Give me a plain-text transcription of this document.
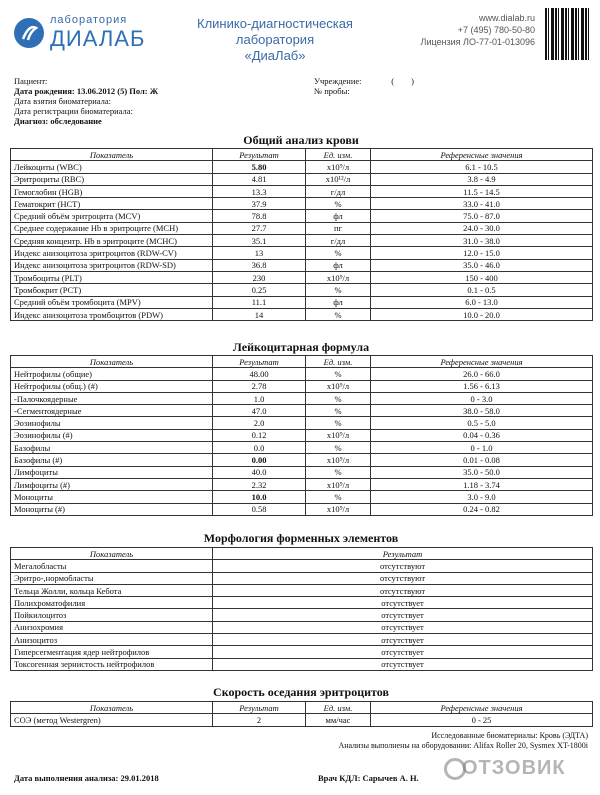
лаборатория
ДИАЛАБ
Клинико-диагностическая лаборатория
«ДиаЛаб»
www.dialab.ru
+7 (495) 780-50-80
Лицензия ЛО-77-01-013096
Пациент:
Дата рождения: 13.06.2012 (5) Пол: Ж
Дата взятия биоматериала:
Дата регистрации биоматериала:
Диагноз: обследование
Учреждение:              (        )
№ пробы:
Общий анализ крови
Показатель	Результат	Ед. изм.	Референсные значения
Лейкоциты (WBC)	5.80	x10⁹/л	6.1 - 10.5
Эритроциты (RBC)	4.81	x10¹²/л	3.8 - 4.9
Гемоглобин (HGB)	13.3	г/дл	11.5 - 14.5
Гематокрит (HCT)	37.9	%	33.0 - 41.0
Средний объём эритроцита (MCV)	78.8	фл	75.0 - 87.0
Среднее содержание Hb в эритроците (MCH)	27.7	пг	24.0 - 30.0
Средняя концентр. Hb в эритроците (MCHC)	35.1	г/дл	31.0 - 38.0
Индекс анизоцитоза эритроцитов (RDW-CV)	13	%	12.0 - 15.0
Индекс анизоцитоза эритроцитов (RDW-SD)	36.8	фл	35.0 - 46.0
Тромбоциты (PLT)	230	x10⁹/л	150 - 400
Тромбокрит (PCT)	0.25	%	0.1 - 0.5
Средний объём тромбоцита (MPV)	11.1	фл	6.0 - 13.0
Индекс анизоцитоза тромбоцитов (PDW)	14	%	10.0 - 20.0
Лейкоцитарная формула
Показатель	Результат	Ед. изм.	Референсные значения
Нейтрофилы (общие)	48.00	%	26.0 - 66.0
Нейтрофилы (общ.) (#)	2.78	x10⁹/л	1.56 - 6.13
-Палочкоядерные	1.0	%	0 - 3.0
-Сегментоядерные	47.0	%	38.0 - 58.0
Эозинофилы	2.0	%	0.5 - 5.0
Эозинофилы (#)	0.12	x10⁹/л	0.04 - 0.36
Базофилы	0.0	%	0 - 1.0
Базофилы (#)	0.00	x10⁹/л	0.01 - 0.08
Лимфоциты	40.0	%	35.0 - 50.0
Лимфоциты (#)	2.32	x10⁹/л	1.18 - 3.74
Моноциты	10.0	%	3.0 - 9.0
Моноциты (#)	0.58	x10⁹/л	0.24 - 0.82
Морфология форменных элементов
Показатель	Результат
Мегалобласты	отсутствуют
Эритро-,нормобласты	отсутствуют
Тельца Жолли, кольца Кебота	отсутствуют
Полихроматофилия	отсутствует
Пойкилоцитоз	отсутствует
Анизохромия	отсутствует
Анизоцитоз	отсутствует
Гиперсегментация ядер нейтрофилов	отсутствует
Токсогенная зернистость нейтрофилов	отсутствует
Скорость оседания эритроцитов
Показатель	Результат	Ед. изм.	Референсные значения
СОЭ (метод Westergren)	2	мм/час	0 - 25
Исследованные биоматериалы: Кровь (ЭДТА)
Анализы выполнены на оборудовании: Alifax Roller 20, Sysmex XT-1800i
Дата выполнения анализа: 29.01.2018	Врач КДЛ: Сарычев А. Н. ОТЗОВИК
